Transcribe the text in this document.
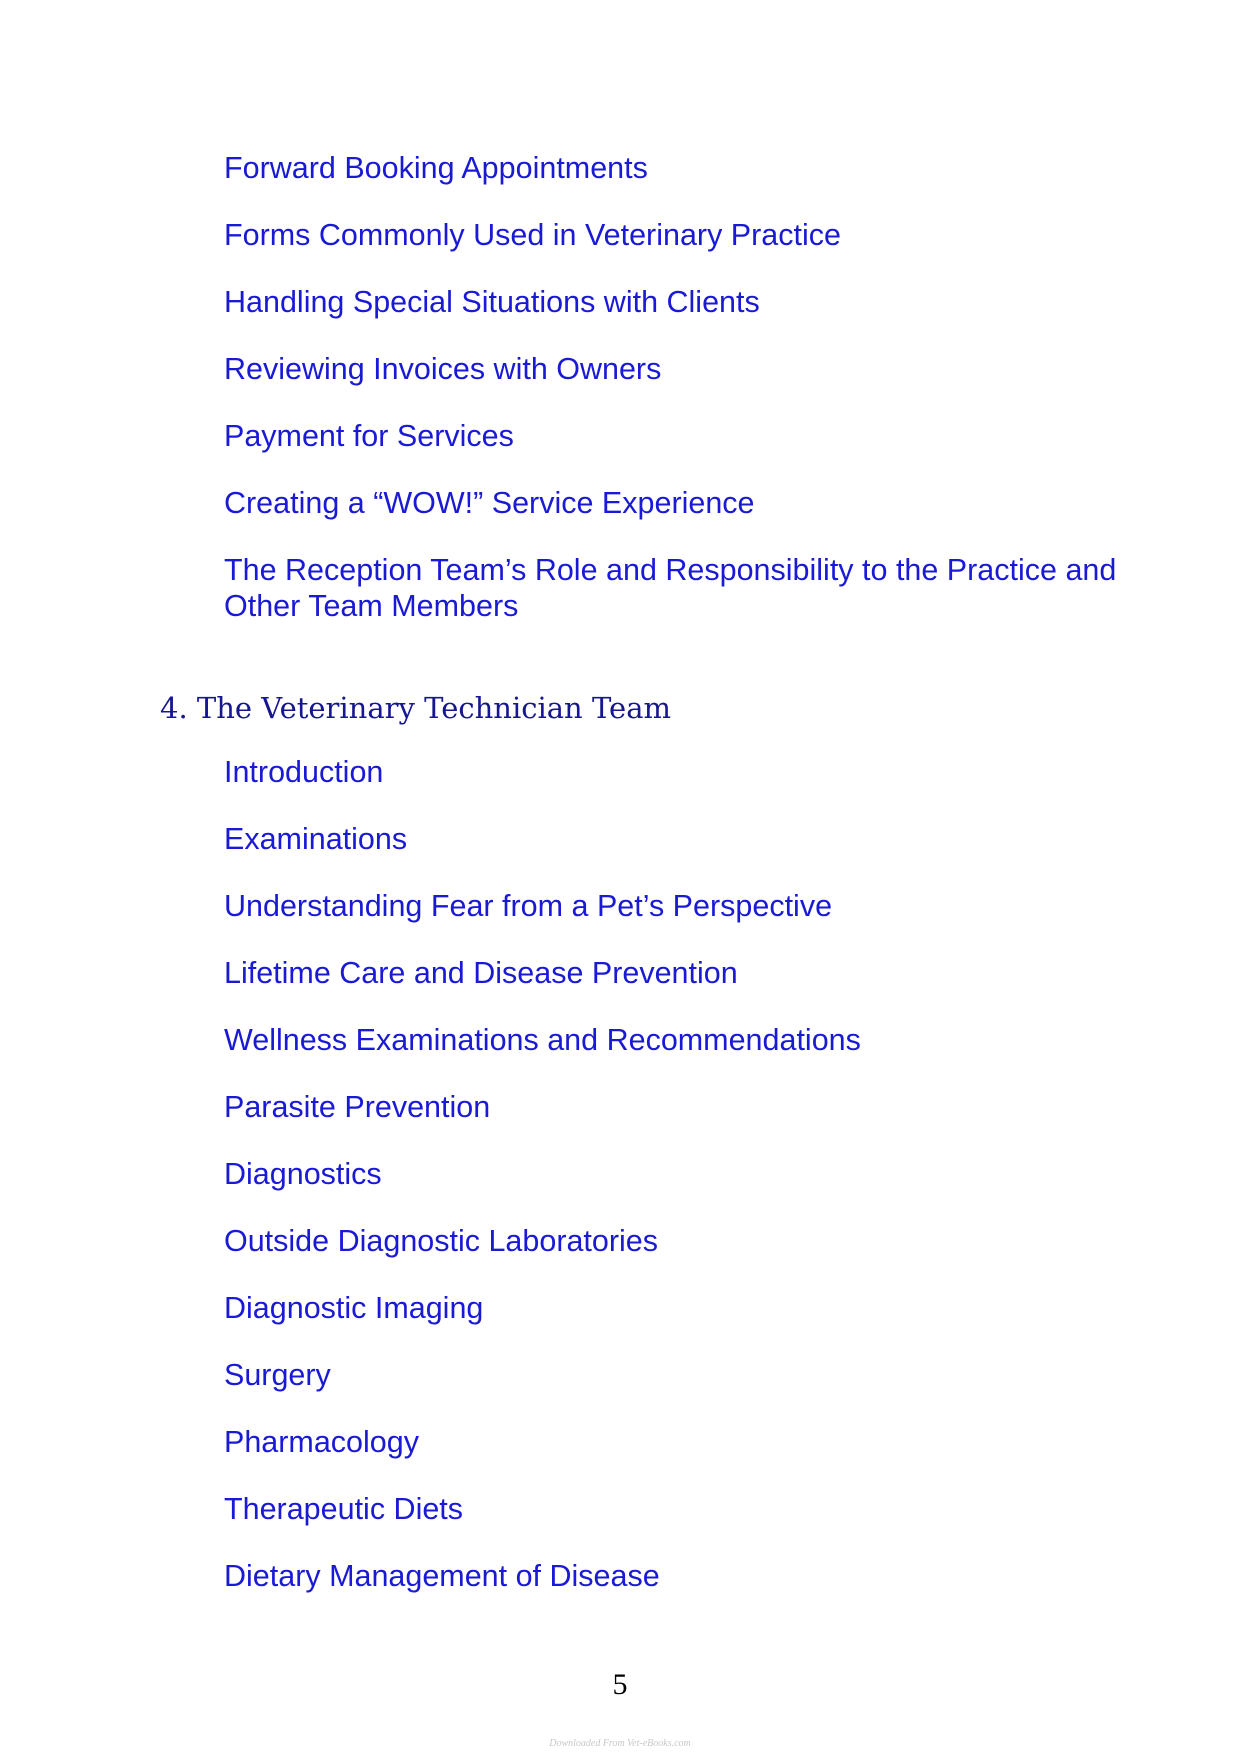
Forward Booking Appointments
Forms Commonly Used in Veterinary Practice
Handling Special Situations with Clients
Reviewing Invoices with Owners
Payment for Services
Creating a “WOW!” Service Experience
The Reception Team’s Role and Responsibility to the Practice and Other Team Members
4. The Veterinary Technician Team
Introduction
Examinations
Understanding Fear from a Pet’s Perspective
Lifetime Care and Disease Prevention
Wellness Examinations and Recommendations
Parasite Prevention
Diagnostics
Outside Diagnostic Laboratories
Diagnostic Imaging
Surgery
Pharmacology
Therapeutic Diets
Dietary Management of Disease
5
Downloaded From Vet-eBooks.com
